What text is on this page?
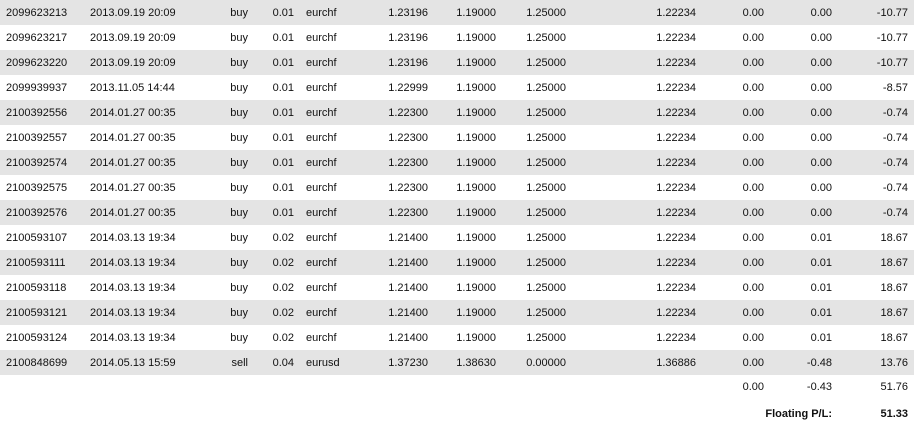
2099623213	2013.09.19 20:09	buy	0.01	eurchf	1.23196	1.19000	1.25000		1.22234	0.00	0.00	-10.77
2099623217	2013.09.19 20:09	buy	0.01	eurchf	1.23196	1.19000	1.25000		1.22234	0.00	0.00	-10.77
2099623220	2013.09.19 20:09	buy	0.01	eurchf	1.23196	1.19000	1.25000		1.22234	0.00	0.00	-10.77
2099939937	2013.11.05 14:44	buy	0.01	eurchf	1.22999	1.19000	1.25000		1.22234	0.00	0.00	-8.57
2100392556	2014.01.27 00:35	buy	0.01	eurchf	1.22300	1.19000	1.25000		1.22234	0.00	0.00	-0.74
2100392557	2014.01.27 00:35	buy	0.01	eurchf	1.22300	1.19000	1.25000		1.22234	0.00	0.00	-0.74
2100392574	2014.01.27 00:35	buy	0.01	eurchf	1.22300	1.19000	1.25000		1.22234	0.00	0.00	-0.74
2100392575	2014.01.27 00:35	buy	0.01	eurchf	1.22300	1.19000	1.25000		1.22234	0.00	0.00	-0.74
2100392576	2014.01.27 00:35	buy	0.01	eurchf	1.22300	1.19000	1.25000		1.22234	0.00	0.00	-0.74
2100593107	2014.03.13 19:34	buy	0.02	eurchf	1.21400	1.19000	1.25000		1.22234	0.00	0.01	18.67
2100593111	2014.03.13 19:34	buy	0.02	eurchf	1.21400	1.19000	1.25000		1.22234	0.00	0.01	18.67
2100593118	2014.03.13 19:34	buy	0.02	eurchf	1.21400	1.19000	1.25000		1.22234	0.00	0.01	18.67
2100593121	2014.03.13 19:34	buy	0.02	eurchf	1.21400	1.19000	1.25000		1.22234	0.00	0.01	18.67
2100593124	2014.03.13 19:34	buy	0.02	eurchf	1.21400	1.19000	1.25000		1.22234	0.00	0.01	18.67
2100848699	2014.05.13 15:59	sell	0.04	eurusd	1.37230	1.38630	0.00000		1.36886	0.00	-0.48	13.76
										0.00	-0.43	51.76
										Floating P/L:		51.33
